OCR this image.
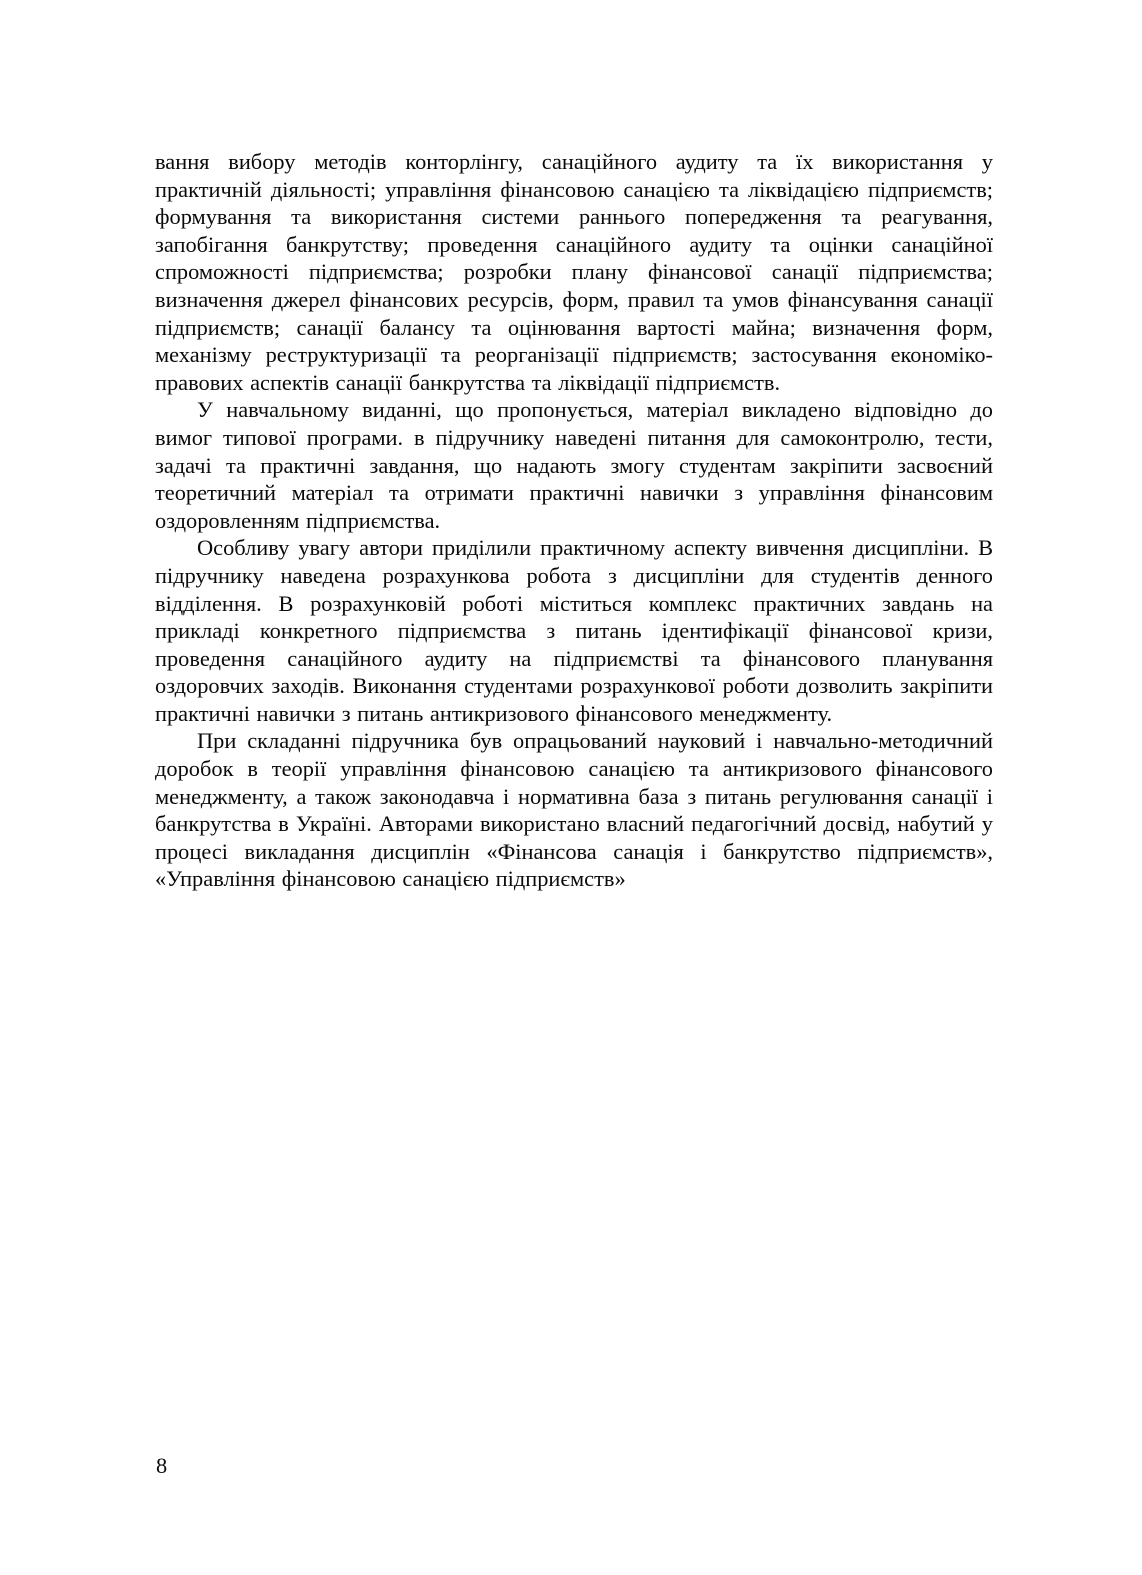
вання вибору методів конторлінгу, санаційного аудиту та їх використання у практичній діяльності; управління фінансовою санацією та ліквідацією підприємств; формування та використання системи раннього попередження та реагування, запобігання банкрутству; проведення санаційного аудиту та оцінки санаційної спроможності підприємства; розробки плану фінансової санації підприємства; визначення джерел фінансових ресурсів, форм, правил та умов фінансування санації підприємств; санації балансу та оцінювання вартості майна; визначення форм, механізму реструктуризації та реорганізації підприємств; застосування економіко-правових аспектів санації банкрутства та ліквідації підприємств.

У навчальному виданні, що пропонується, матеріал викладено відповідно до вимог типової програми. в підручнику наведені питання для самоконтролю, тести, задачі та практичні завдання, що надають змогу студентам закріпити засвоєний теоретичний матеріал та отримати практичні навички з управління фінансовим оздоровленням підприємства.

Особливу увагу автори приділили практичному аспекту вивчення дисципліни. В підручнику наведена розрахункова робота з дисципліни для студентів денного відділення. В розрахунковій роботі міститься комплекс практичних завдань на прикладі конкретного підприємства з питань ідентифікації фінансової кризи, проведення санаційного аудиту на підприємстві та фінансового планування оздоровчих заходів. Виконання студентами розрахункової роботи дозволить закріпити практичні навички з питань антикризового фінансового менеджменту.

При складанні підручника був опрацьований науковий і навчально-методичний доробок в теорії управління фінансовою санацією та антикризового фінансового менеджменту, а також законодавча і нормативна база з питань регулювання санації і банкрутства в Україні. Авторами використано власний педагогічний досвід, набутий у процесі викладання дисциплін «Фінансова санація і банкрутство підприємств», «Управління фінансовою санацією підприємств»

8
